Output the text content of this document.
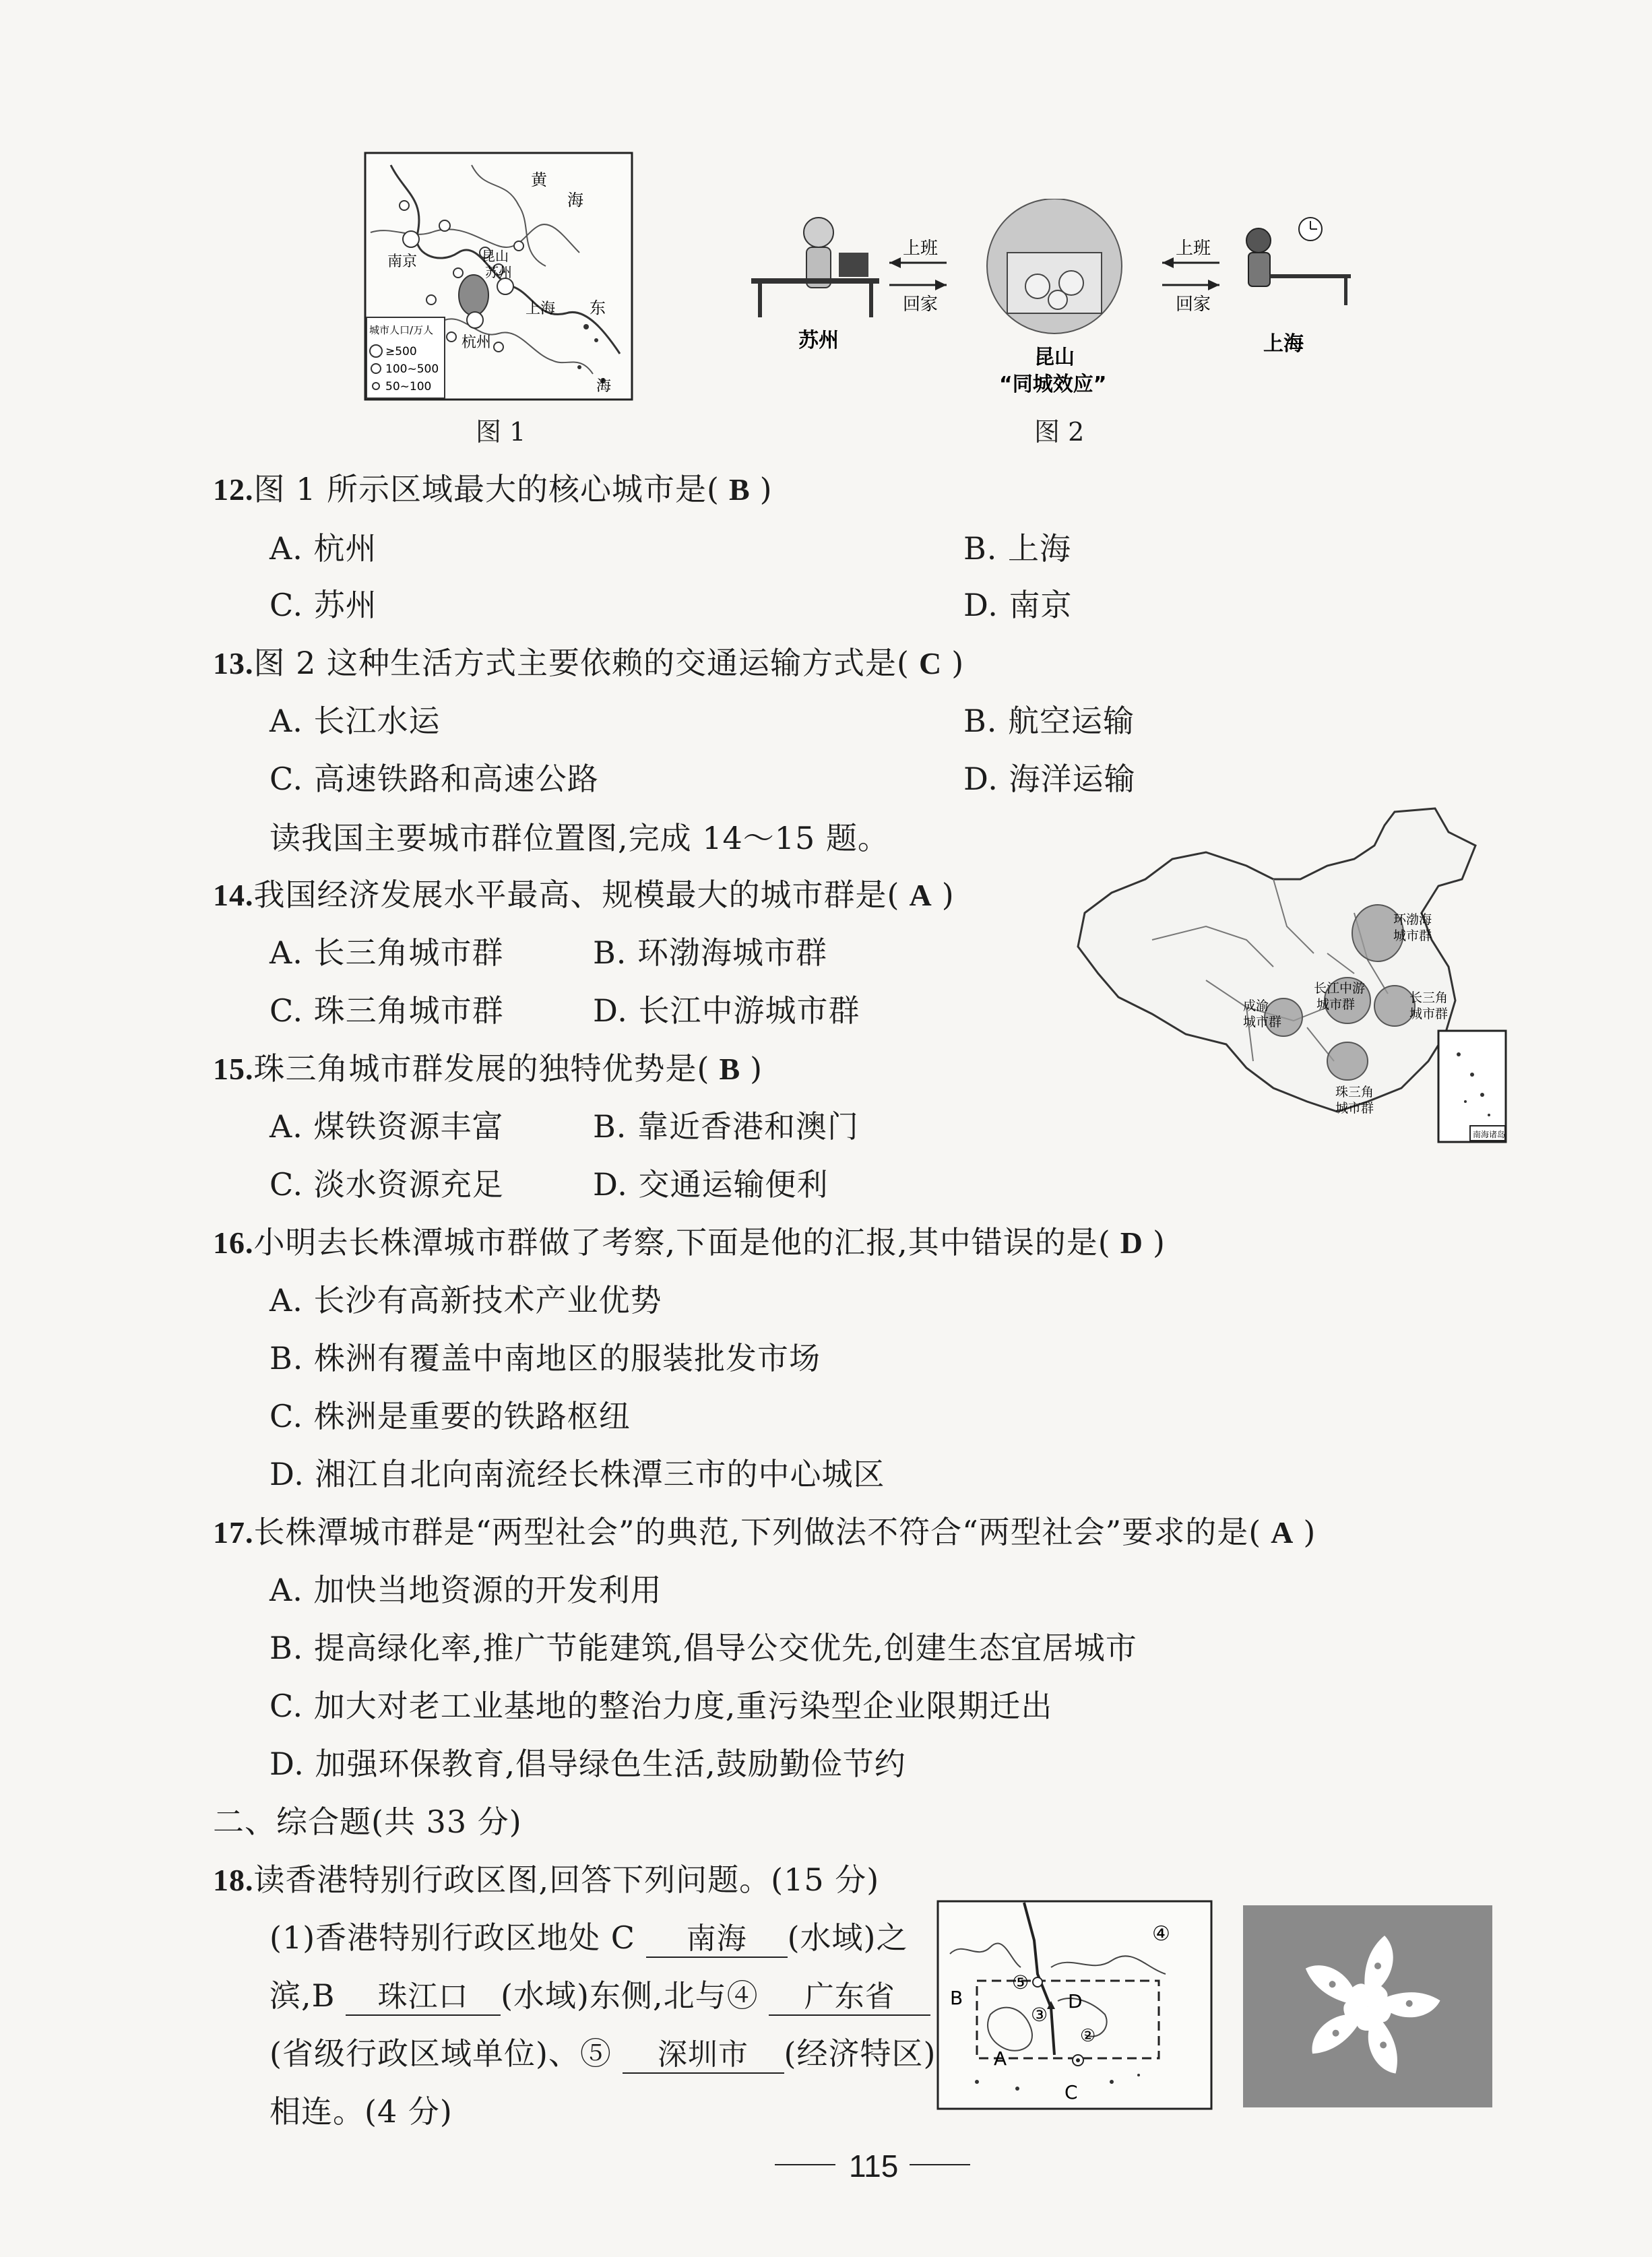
黄
海
南京	昆山
苏州
上海
杭州
东
海
城市人口/万人
≥500
100~500
50~100
图 1
上班
回家
上班
回家
苏州
昆山
“同城效应”
上海
图 2
12.图 1 所示区域最大的核心城市是( B )
A. 杭州	B. 上海
C. 苏州	D. 南京
13.图 2 这种生活方式主要依赖的交通运输方式是( C )
A. 长江水运	B. 航空运输
C. 高速铁路和高速公路	D. 海洋运输
读我国主要城市群位置图,完成 14～15 题。
环渤海
城市群
长江中游
城市群
成渝
城市群
长三角
城市群
珠三角
城市群
南海诸岛
14.我国经济发展水平最高、规模最大的城市群是( A )
A. 长三角城市群	B. 环渤海城市群
C. 珠三角城市群	D. 长江中游城市群
15.珠三角城市群发展的独特优势是( B )
A. 煤铁资源丰富	B. 靠近香港和澳门
C. 淡水资源充足	D. 交通运输便利
16.小明去长株潭城市群做了考察,下面是他的汇报,其中错误的是( D )
A. 长沙有高新技术产业优势
B. 株洲有覆盖中南地区的服装批发市场
C. 株洲是重要的铁路枢纽
D. 湘江自北向南流经长株潭三市的中心城区
17.长株潭城市群是“两型社会”的典范,下列做法不符合“两型社会”要求的是( A )
A. 加快当地资源的开发利用
B. 提高绿化率,推广节能建筑,倡导公交优先,创建生态宜居城市
C. 加大对老工业基地的整治力度,重污染型企业限期迁出
D. 加强环保教育,倡导绿色生活,鼓励勤俭节约
二、综合题(共 33 分)
18.读香港特别行政区图,回答下列问题。(15 分)
(1)香港特别行政区地处 C 南海 (水域)之
滨,B 珠江口 (水域)东侧,北与④ 广东省
(省级行政区域单位)、⑤ 深圳市 (经济特区)
相连。(4 分)
④
⑤
③
②
B	D
A
C
115
